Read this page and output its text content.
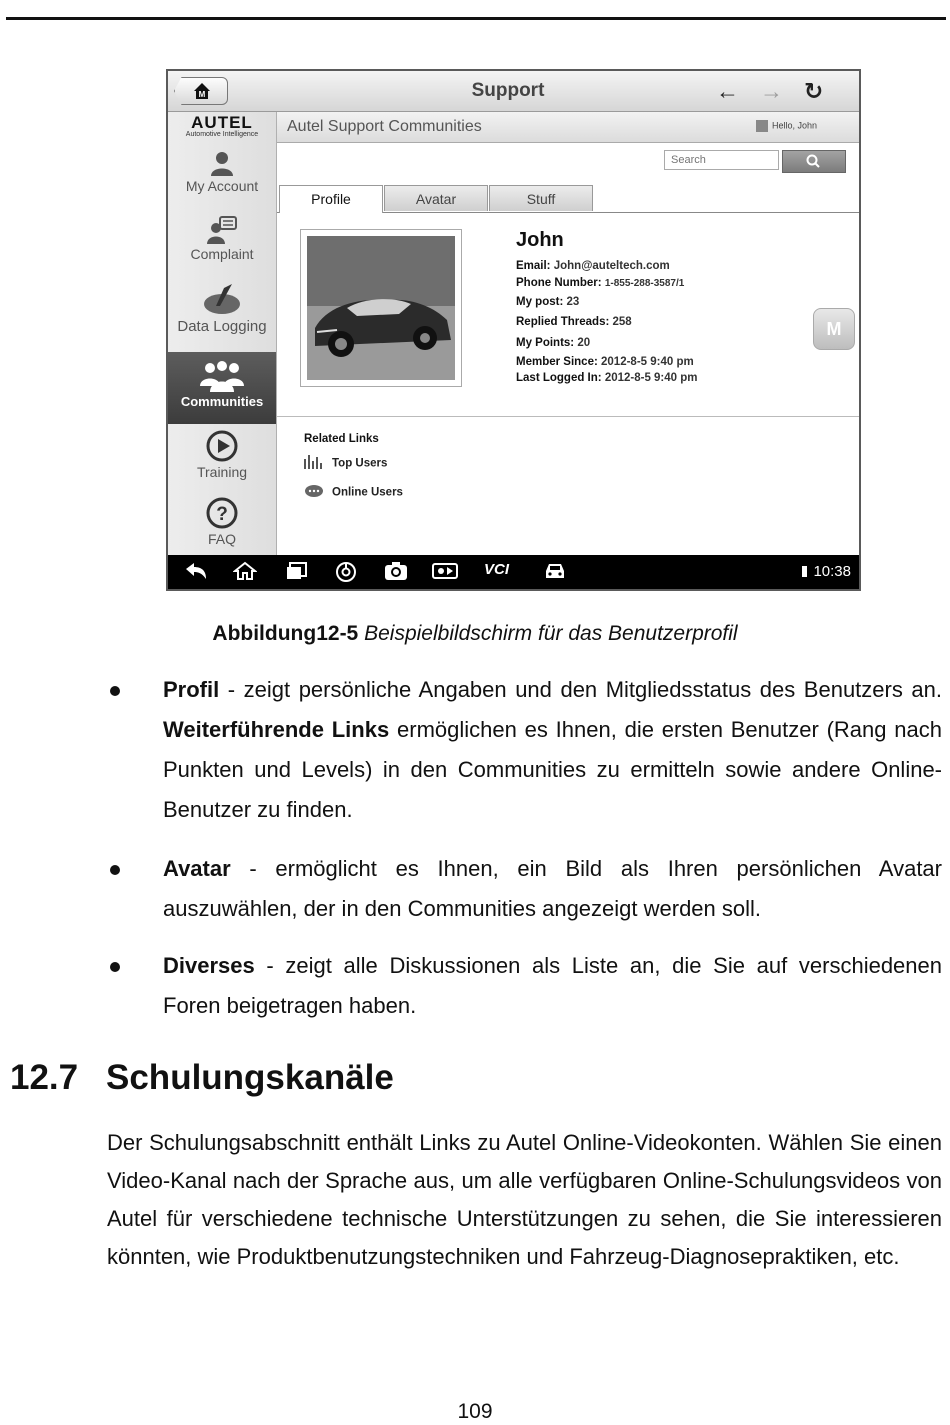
M	Support	← → ↻
AUTEL
Automotive Intelligence
My Account
Complaint
Data Logging
Communities
Training
?
FAQ
Autel Support Communities	Hello, John
Search
Profile	Avatar	Stuff
John
Email: John@auteltech.com
Phone Number: 1-855-288-3587/1
My post: 23
Replied Threads: 258
My Points: 20
Member Since: 2012-8-5 9:40 pm
Last Logged In: 2012-8-5 9:40 pm
M
Related Links
Top Users
Online Users
VCI	10:38
Abbildung12-5 Beispielbildschirm für das Benutzerprofil
Profil - zeigt persönliche Angaben und den Mitgliedsstatus des Benutzers an. Weiterführende Links ermöglichen es Ihnen, die ersten Benutzer (Rang nach Punkten und Levels) in den Communities zu ermitteln sowie andere Online-Benutzer zu finden.
Avatar - ermöglicht es Ihnen, ein Bild als Ihren persönlichen Avatar auszuwählen, der in den Communities angezeigt werden soll.
Diverses - zeigt alle Diskussionen als Liste an, die Sie auf verschiedenen Foren beigetragen haben.
12.7 Schulungskanäle
Der Schulungsabschnitt enthält Links zu Autel Online-Videokonten. Wählen Sie einen Video-Kanal nach der Sprache aus, um alle verfügbaren Online-Schulungsvideos von Autel für verschiedene technische Unterstützungen zu sehen, die Sie interessieren könnten, wie Produktbenutzungstechniken und Fahrzeug-Diagnosepraktiken, etc.
109
